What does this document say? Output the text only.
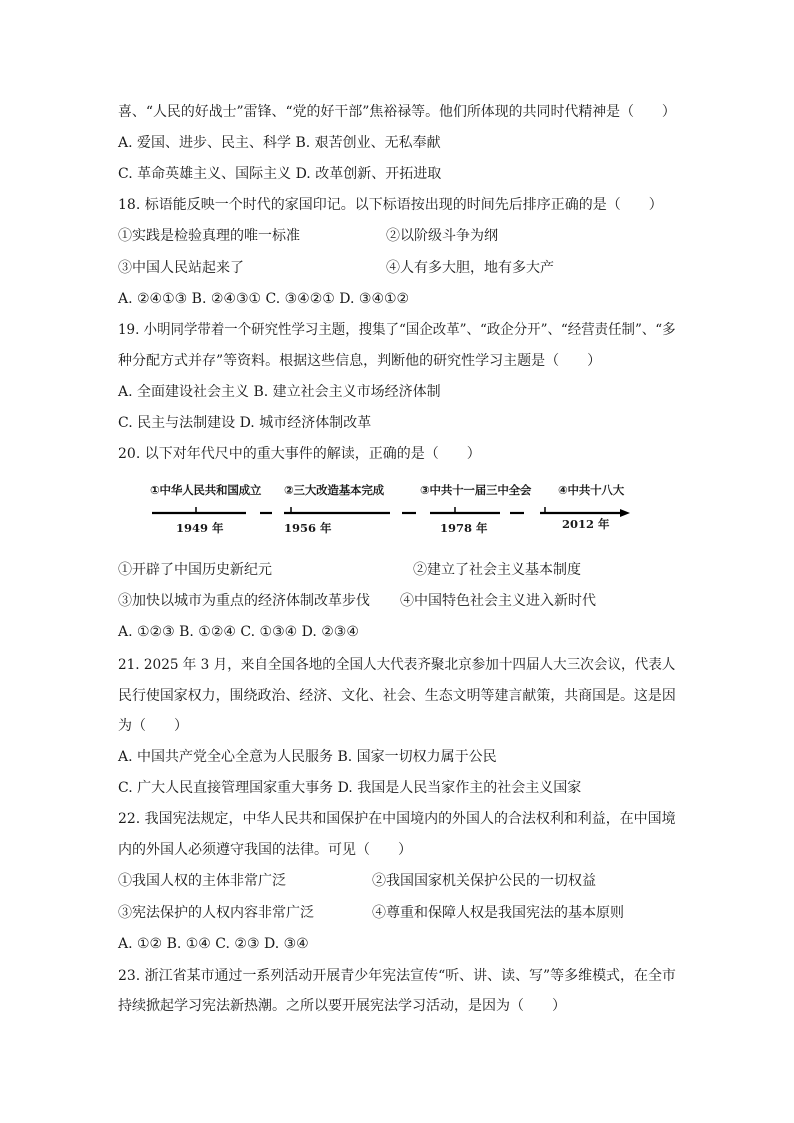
喜、“人民的好战士”雷锋、“党的好干部”焦裕禄等。他们所体现的共同时代精神是（　　）
A. 爱国、进步、民主、科学 B. 艰苦创业、无私奉献
C. 革命英雄主义、国际主义 D. 改革创新、开拓进取
18. 标语能反映一个时代的家国印记。以下标语按出现的时间先后排序正确的是（　　）
①实践是检验真理的唯一标准	②以阶级斗争为纲
③中国人民站起来了	④人有多大胆，地有多大产
A. ②④①③ B. ②④③① C. ③④②① D. ③④①②
19. 小明同学带着一个研究性学习主题，搜集了“国企改革”、“政企分开”、“经营责任制”、“多
种分配方式并存”等资料。根据这些信息，判断他的研究性学习主题是（　　）
A. 全面建设社会主义 B. 建立社会主义市场经济体制
C. 民主与法制建设 D. 城市经济体制改革
20. 以下对年代尺中的重大事件的解读，正确的是（　　）
①中华人民共和国成立 ②三大改造基本完成	③中共十一届三中全会 ④中共十八大
1949 年	1956 年	1978 年	2012 年
①开辟了中国历史新纪元	②建立了社会主义基本制度
③加快以城市为重点的经济体制改革步伐 ④中国特色社会主义进入新时代
A. ①②③ B. ①②④ C. ①③④ D. ②③④
21. 2025 年 3 月，来自全国各地的全国人大代表齐聚北京参加十四届人大三次会议，代表人
民行使国家权力，围绕政治、经济、文化、社会、生态文明等建言献策，共商国是。这是因
为（　　）
A. 中国共产党全心全意为人民服务 B. 国家一切权力属于公民
C. 广大人民直接管理国家重大事务 D. 我国是人民当家作主的社会主义国家
22. 我国宪法规定，中华人民共和国保护在中国境内的外国人的合法权利和利益，在中国境
内的外国人必须遵守我国的法律。可见（　　）
①我国人权的主体非常广泛	②我国国家机关保护公民的一切权益
③宪法保护的人权内容非常广泛	④尊重和保障人权是我国宪法的基本原则
A. ①② B. ①④ C. ②③ D. ③④
23. 浙江省某市通过一系列活动开展青少年宪法宣传“听、讲、读、写”等多维模式，在全市
持续掀起学习宪法新热潮。之所以要开展宪法学习活动，是因为（　　）
